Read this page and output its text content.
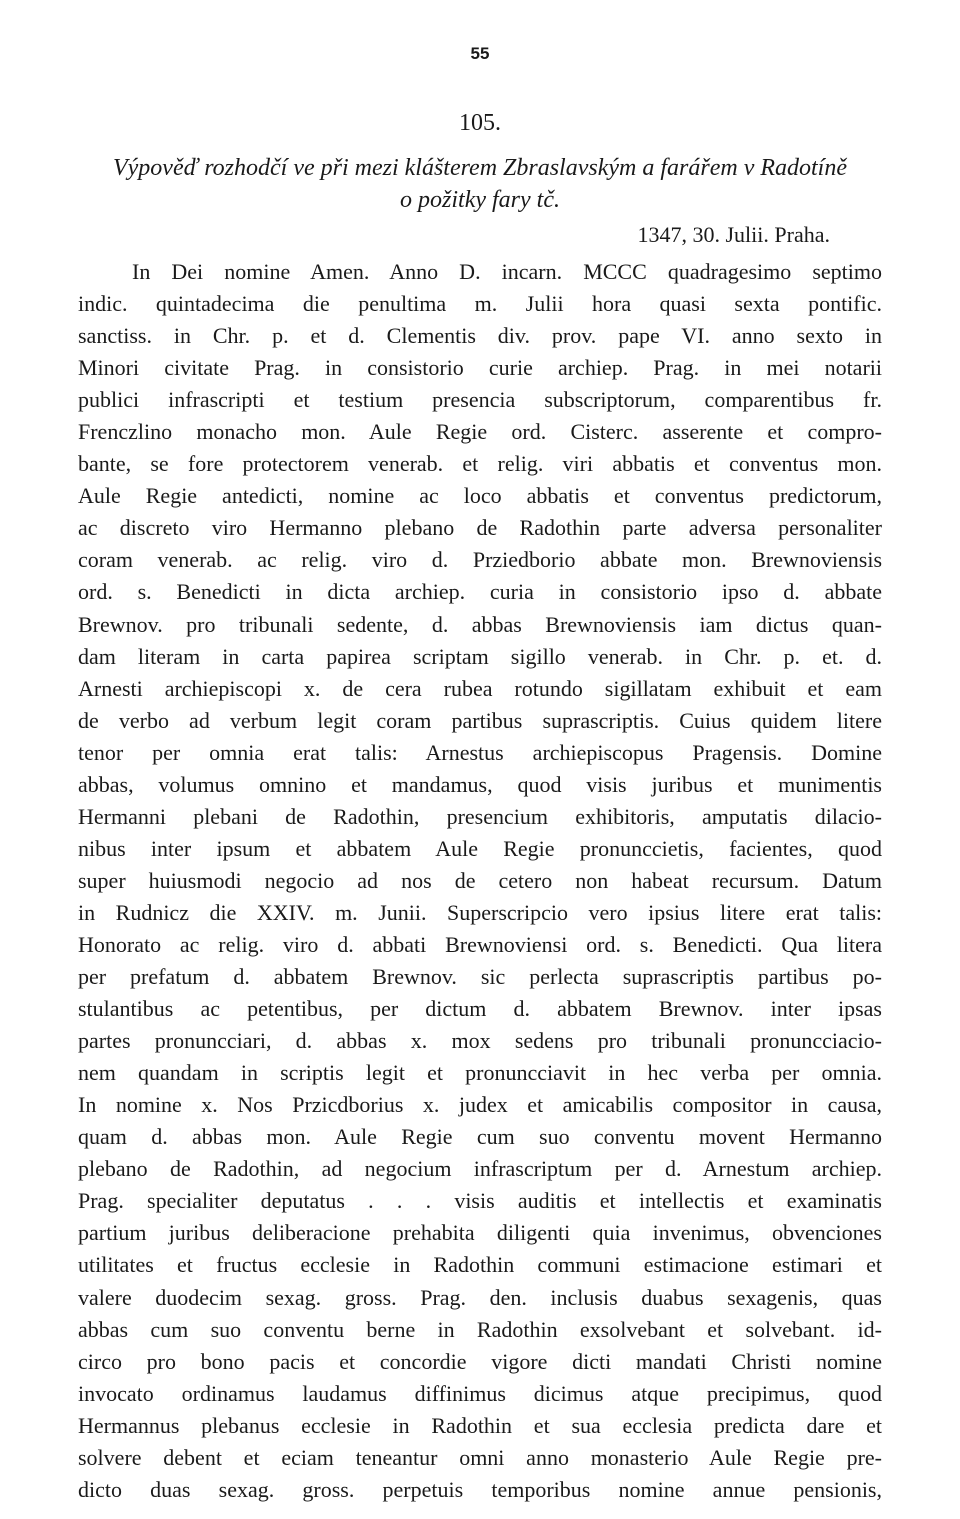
55
105.
Výpověď rozhodčí ve při mezi klášterem Zbraslavským a farářem v Radotíně
o požitky fary tč.
1347, 30. Julii. Praha.
In Dei nomine Amen. Anno D. incarn. MCCC quadragesimo septimo
indic. quintadecima die penultima m. Julii hora quasi sexta pontific.
sanctiss. in Chr. p. et d. Clementis div. prov. pape VI. anno sexto in
Minori civitate Prag. in consistorio curie archiep. Prag. in mei notarii
publici infrascripti et testium presencia subscriptorum, comparentibus fr.
Frenczlino monacho mon. Aule Regie ord. Cisterc. asserente et compro-
bante, se fore protectorem venerab. et relig. viri abbatis et conventus mon.
Aule Regie antedicti, nomine ac loco abbatis et conventus predictorum,
ac discreto viro Hermanno plebano de Radothin parte adversa personaliter
coram venerab. ac relig. viro d. Prziedborio abbate mon. Brewnoviensis
ord. s. Benedicti in dicta archiep. curia in consistorio ipso d. abbate
Brewnov. pro tribunali sedente, d. abbas Brewnoviensis iam dictus quan-
dam literam in carta papirea scriptam sigillo venerab. in Chr. p. et. d.
Arnesti archiepiscopi x. de cera rubea rotundo sigillatam exhibuit et eam
de verbo ad verbum legit coram partibus suprascriptis. Cuius quidem litere
tenor per omnia erat talis: Arnestus archiepiscopus Pragensis. Domine
abbas, volumus omnino et mandamus, quod visis juribus et munimentis
Hermanni plebani de Radothin, presencium exhibitoris, amputatis dilacio-
nibus inter ipsum et abbatem Aule Regie pronunccietis, facientes, quod
super huiusmodi negocio ad nos de cetero non habeat recursum. Datum
in Rudnicz die XXIV. m. Junii. Superscripcio vero ipsius litere erat talis:
Honorato ac relig. viro d. abbati Brewnoviensi ord. s. Benedicti. Qua litera
per prefatum d. abbatem Brewnov. sic perlecta suprascriptis partibus po-
stulantibus ac petentibus, per dictum d. abbatem Brewnov. inter ipsas
partes pronuncciari, d. abbas x. mox sedens pro tribunali pronuncciacio-
nem quandam in scriptis legit et pronuncciavit in hec verba per omnia.
In nomine x. Nos Przicdborius x. judex et amicabilis compositor in causa,
quam d. abbas mon. Aule Regie cum suo conventu movent Hermanno
plebano de Radothin, ad negocium infrascriptum per d. Arnestum archiep.
Prag. specialiter deputatus . . . visis auditis et intellectis et examinatis
partium juribus deliberacione prehabita diligenti quia invenimus, obvenciones
utilitates et fructus ecclesie in Radothin communi estimacione estimari et
valere duodecim sexag. gross. Prag. den. inclusis duabus sexagenis, quas
abbas cum suo conventu berne in Radothin exsolvebant et solvebant. id-
circo pro bono pacis et concordie vigore dicti mandati Christi nomine
invocato ordinamus laudamus diffinimus dicimus atque precipimus, quod
Hermannus plebanus ecclesie in Radothin et sua ecclesia predicta dare et
solvere debent et eciam teneantur omni anno monasterio Aule Regie pre-
dicto duas sexag. gross. perpetuis temporibus nomine annue pensionis,
